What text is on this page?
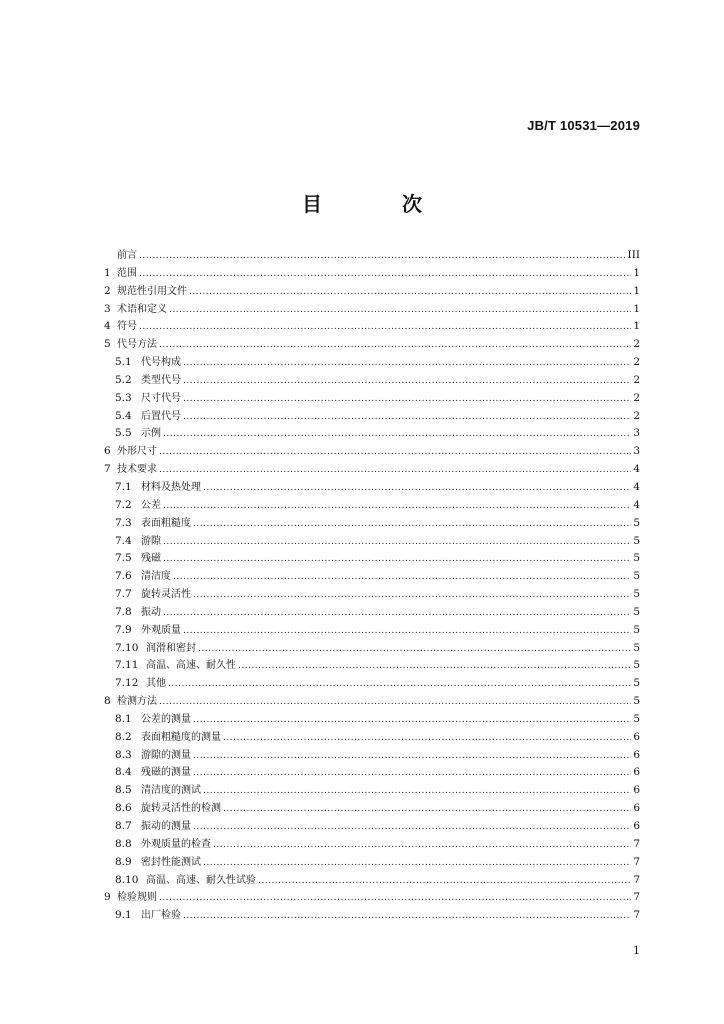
JB/T 10531—2019
目　次
前言 .....	III
1 范围 .....	1
2 规范性引用文件 .....	1
3 术语和定义 .....	1
4 符号 .....	1
5 代号方法 .....	2
5.1 代号构成 .....	2
5.2 类型代号 .....	2
5.3 尺寸代号 .....	2
5.4 后置代号 .....	2
5.5 示例 .....	3
6 外形尺寸 .....	3
7 技术要求 .....	4
7.1 材料及热处理 .....	4
7.2 公差 .....	4
7.3 表面粗糙度 .....	5
7.4 游隙 .....	5
7.5 残磁 .....	5
7.6 清洁度 .....	5
7.7 旋转灵活性 .....	5
7.8 振动 .....	5
7.9 外观质量 .....	5
7.10 润滑和密封 .....	5
7.11 高温、高速、耐久性 .....	5
7.12 其他 .....	5
8 检测方法 .....	5
8.1 公差的测量 .....	5
8.2 表面粗糙度的测量 .....	6
8.3 游隙的测量 .....	6
8.4 残磁的测量 .....	6
8.5 清洁度的测试 .....	6
8.6 旋转灵活性的检测 .....	6
8.7 振动的测量 .....	6
8.8 外观质量的检查 .....	7
8.9 密封性能测试 .....	7
8.10 高温、高速、耐久性试验 .....	7
9 检验规则 .....	7
9.1 出厂检验 .....	7
1
